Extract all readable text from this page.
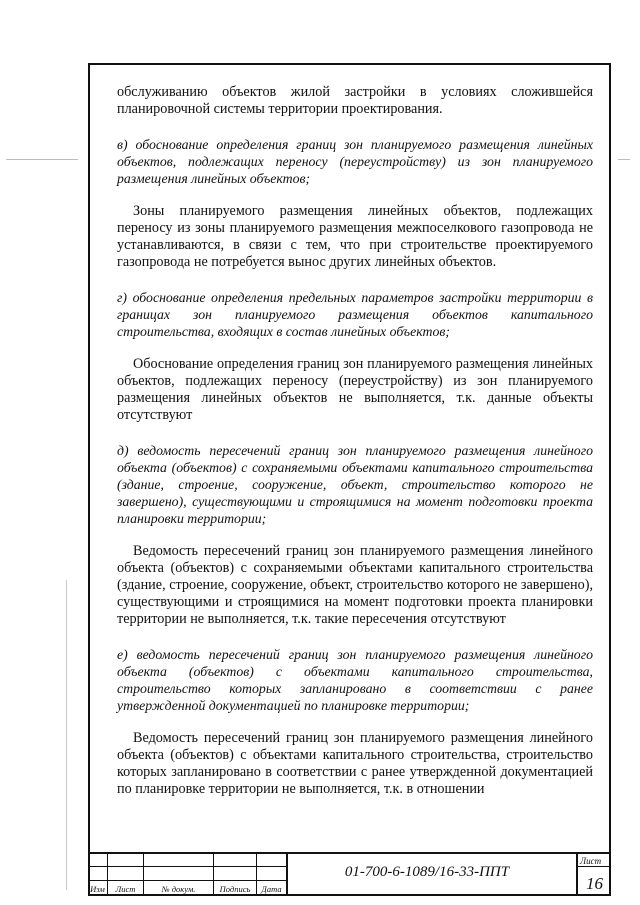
обслуживанию объектов жилой застройки в условиях сложившейся планировочной системы территории проектирования.

в) обоснование определения границ зон планируемого размещения линейных объектов, подлежащих переносу (переустройству) из зон планируемого размещения линейных объектов;

Зоны планируемого размещения линейных объектов, подлежащих переносу из зоны планируемого размещения межпоселкового газопровода не устанавливаются, в связи с тем, что при строительстве проектируемого газопровода не потребуется вынос других линейных объектов.

г) обоснование определения предельных параметров застройки территории в границах зон планируемого размещения объектов капитального строительства, входящих в состав линейных объектов;

Обоснование определения границ зон планируемого размещения линейных объектов, подлежащих переносу (переустройству) из зон планируемого размещения линейных объектов не выполняется, т.к. данные объекты отсутствуют

д) ведомость пересечений границ зон планируемого размещения линейного объекта (объектов) с сохраняемыми объектами капитального строительства (здание, строение, сооружение, объект, строительство которого не завершено), существующими и строящимися на момент подготовки проекта планировки территории;

Ведомость пересечений границ зон планируемого размещения линейного объекта (объектов) с сохраняемыми объектами капитального строительства (здание, строение, сооружение, объект, строительство которого не завершено), существующими и строящимися на момент подготовки проекта планировки территории не выполняется, т.к. такие пересечения отсутствуют

е) ведомость пересечений границ зон планируемого размещения линейного объекта (объектов) с объектами капитального строительства, строительство которых запланировано в соответствии с ранее утвержденной документацией по планировке территории;

Ведомость пересечений границ зон планируемого размещения линейного объекта (объектов) с объектами капитального строительства, строительство которых запланировано в соответствии с ранее утвержденной документацией по планировке территории не выполняется, т.к. в отношении

Изм	Лист	№ докум.	Подпись	Дата
01-700-6-1089/16-33-ППТ
Лист
16
